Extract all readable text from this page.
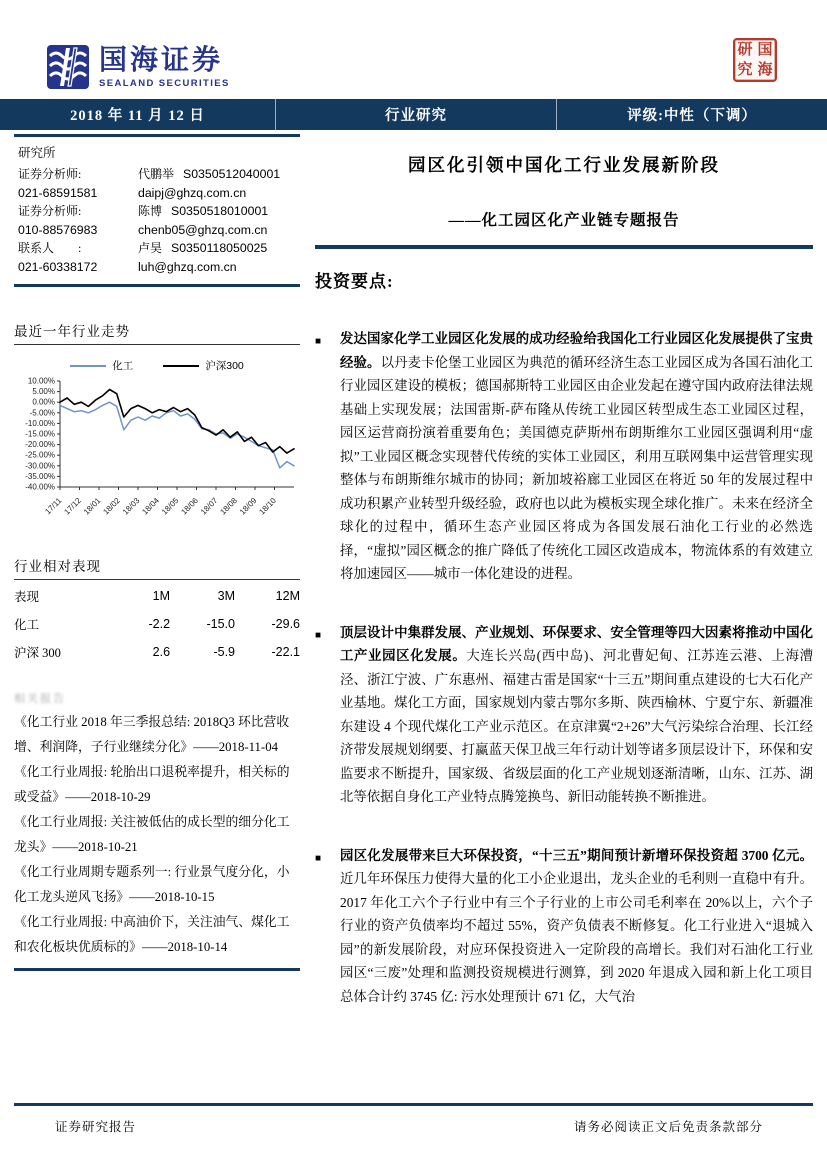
国海证券
SEALAND SECURITIES
研 国
究 海
2018 年 11 月 12 日	行业研究	评级:中性（下调）
研究所
证券分析师:	代鹏举 S0350512040001
021-68591581	daipj@ghzq.com.cn
证券分析师:	陈博 S0350518010001
010-88576983	chenb05@ghzq.com.cn
联系人　　:	卢昊 S0350118050025
021-60338172	luh@ghzq.com.cn
最近一年行业走势
化工	沪深300
10.00%
5.00%
0.00%
-5.00%
-10.00%
-15.00%
-20.00%
-25.00%
-30.00%
-35.00%
-40.00%
17/11
17/12
18/01
18/02
18/03
18/04
18/05
18/06
18/07
18/08
18/09
18/10
行业相对表现
表现	1M	3M	12M
化工	-2.2	-15.0	-29.6
沪深 300	2.6	-5.9	-22.1
相关报告

《化工行业 2018 年三季报总结: 2018Q3 环比营收增、利润降，子行业继续分化》——2018-11-04

《化工行业周报: 轮胎出口退税率提升，相关标的或受益》——2018-10-29

《化工行业周报: 关注被低估的成长型的细分化工龙头》——2018-10-21

《化工行业周期专题系列一: 行业景气度分化，小化工龙头逆风飞扬》——2018-10-15

《化工行业周报: 中高油价下，关注油气、煤化工和农化板块优质标的》——2018-10-14

园区化引领中国化工行业发展新阶段
——化工园区化产业链专题报告
投资要点:
■ 发达国家化学工业园区化发展的成功经验给我国化工行业园区化发展提供了宝贵经验。以丹麦卡伦堡工业园区为典范的循环经济生态工业园区成为各国石油化工行业园区建设的模板；德国郝斯特工业园区由企业发起在遵守国内政府法律法规基础上实现发展；法国雷斯-萨布隆从传统工业园区转型成生态工业园区过程，园区运营商扮演着重要角色；美国德克萨斯州布朗斯维尔工业园区强调利用“虚拟”工业园区概念实现替代传统的实体工业园区，利用互联网集中运营管理实现整体与布朗斯维尔城市的协同；新加坡裕廊工业园区在将近 50 年的发展过程中成功积累产业转型升级经验，政府也以此为模板实现全球化推广。未来在经济全球化的过程中，循环生态产业园区将成为各国发展石油化工行业的必然选择，“虚拟”园区概念的推广降低了传统化工园区改造成本，物流体系的有效建立将加速园区——城市一体化建设的进程。

■ 顶层设计中集群发展、产业规划、环保要求、安全管理等四大因素将推动中国化工产业园区化发展。大连长兴岛(西中岛)、河北曹妃甸、江苏连云港、上海漕泾、浙江宁波、广东惠州、福建古雷是国家“十三五”期间重点建设的七大石化产业基地。煤化工方面，国家规划内蒙古鄂尔多斯、陕西榆林、宁夏宁东、新疆准东建设 4 个现代煤化工产业示范区。在京津翼“2+26”大气污染综合治理、长江经济带发展规划纲要、打赢蓝天保卫战三年行动计划等诸多顶层设计下，环保和安监要求不断提升，国家级、省级层面的化工产业规划逐渐清晰，山东、江苏、湖北等依据自身化工产业特点腾笼换鸟、新旧动能转换不断推进。

■ 园区化发展带来巨大环保投资，“十三五”期间预计新增环保投资超 3700 亿元。近几年环保压力使得大量的化工小企业退出，龙头企业的毛利则一直稳中有升。2017 年化工六个子行业中有三个子行业的上市公司毛利率在 20%以上，六个子行业的资产负债率均不超过 55%，资产负债表不断修复。化工行业进入“退城入园”的新发展阶段，对应环保投资进入一定阶段的高增长。我们对石油化工行业园区“三废”处理和监测投资规模进行测算，到 2020 年退成入园和新上化工项目总体合计约 3745 亿: 污水处理预计 671 亿，大气治

证券研究报告	请务必阅读正文后免责条款部分
